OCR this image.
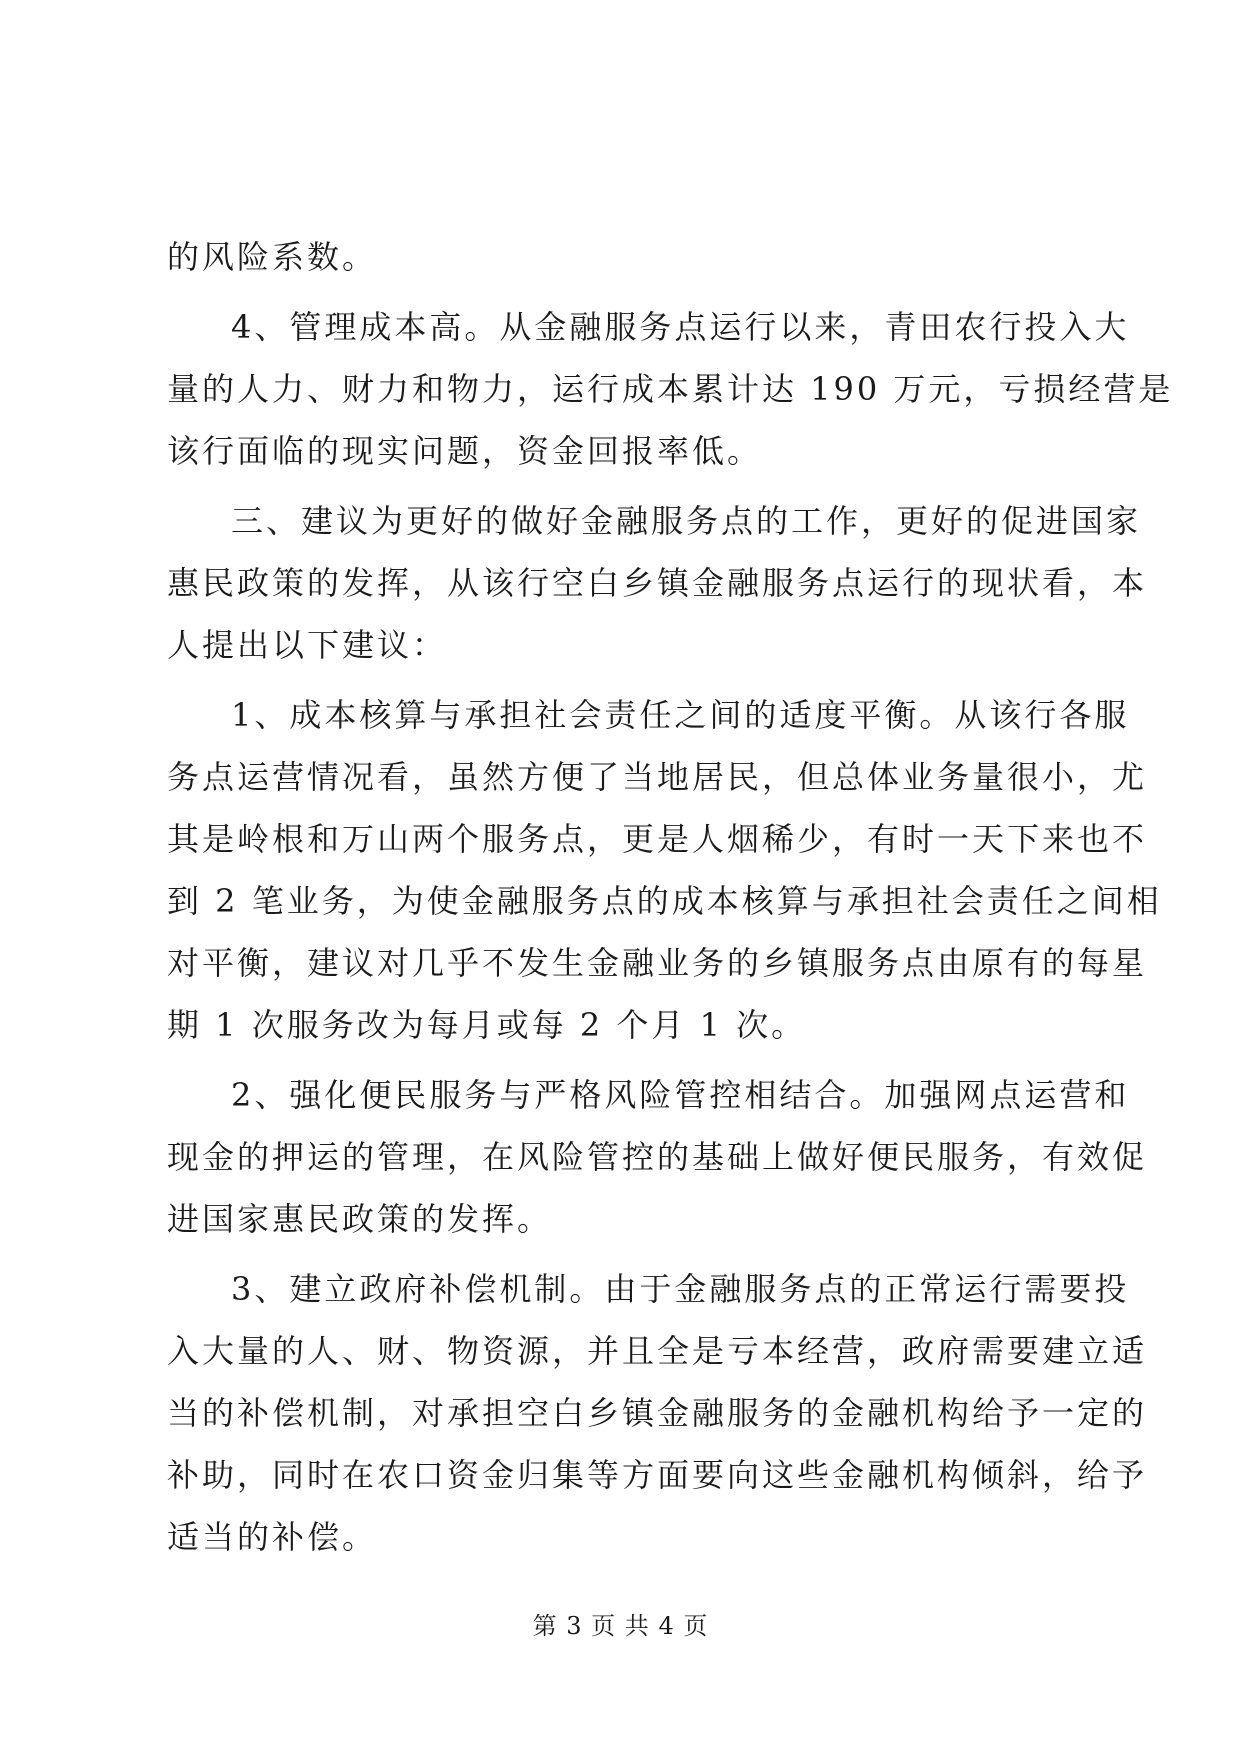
的风险系数。
4、管理成本高。从金融服务点运行以来，青田农行投入大
量的人力、财力和物力，运行成本累计达 190 万元，亏损经营是
该行面临的现实问题，资金回报率低。
三、建议为更好的做好金融服务点的工作，更好的促进国家
惠民政策的发挥，从该行空白乡镇金融服务点运行的现状看，本
人提出以下建议：
1、成本核算与承担社会责任之间的适度平衡。从该行各服
务点运营情况看，虽然方便了当地居民，但总体业务量很小，尤
其是岭根和万山两个服务点，更是人烟稀少，有时一天下来也不
到 2 笔业务，为使金融服务点的成本核算与承担社会责任之间相
对平衡，建议对几乎不发生金融业务的乡镇服务点由原有的每星
期 1 次服务改为每月或每 2 个月 1 次。
2、强化便民服务与严格风险管控相结合。加强网点运营和
现金的押运的管理，在风险管控的基础上做好便民服务，有效促
进国家惠民政策的发挥。
3、建立政府补偿机制。由于金融服务点的正常运行需要投
入大量的人、财、物资源，并且全是亏本经营，政府需要建立适
当的补偿机制，对承担空白乡镇金融服务的金融机构给予一定的
补助，同时在农口资金归集等方面要向这些金融机构倾斜，给予
适当的补偿。
第 3 页 共 4 页
